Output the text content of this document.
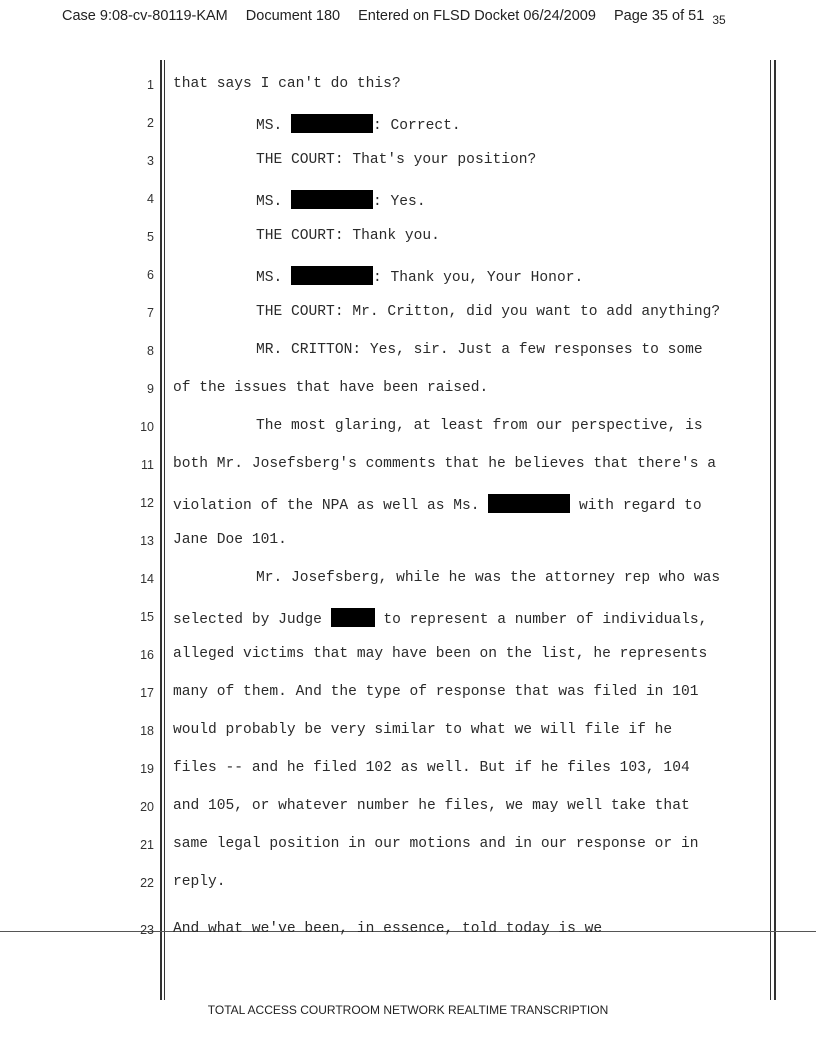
Case 9:08-cv-80119-KAM Document 180 Entered on FLSD Docket 06/24/2009 Page 35 of 51 $_{35}$
1 that says I can't do this?
2	MS.	: Correct.
3	THE COURT: That's your position?
4	MS.	: Yes.
5	THE COURT: Thank you.
6	MS.	: Thank you, Your Honor.
7	THE COURT: Mr. Critton, did you want to add anything?
8	MR. CRITTON: Yes, sir. Just a few responses to some
9 of the issues that have been raised.
10	The most glaring, at least from our perspective, is
11 both Mr. Josefsberg's comments that he believes that there's a
12 violation of the NPA as well as Ms.	with regard to
13 Jane Doe 101.
14	Mr. Josefsberg, while he was the attorney rep who was
15 selected by Judge	to represent a number of individuals,
16 alleged victims that may have been on the list, he represents
17 many of them. And the type of response that was filed in 101
18 would probably be very similar to what we will file if he
19 files -- and he filed 102 as well. But if he files 103, 104
20 and 105, or whatever number he files, we may well take that
21 same legal position in our motions and in our response or in
22 reply.
23 And what we've been, in essence, told today is we
TOTAL ACCESS COURTROOM NETWORK REALTIME TRANSCRIPTION
